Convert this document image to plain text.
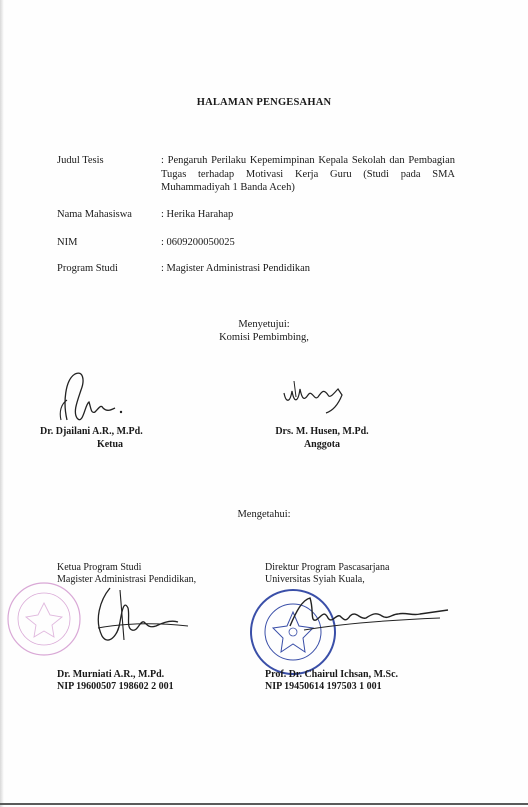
HALAMAN PENGESAHAN
Judul Tesis	: Pengaruh Perilaku Kepemimpinan Kepala Sekolah dan Pembagian Tugas terhadap Motivasi Kerja Guru (Studi pada SMA Muhammadiyah 1 Banda Aceh)
Nama Mahasiswa	: Herika Harahap
NIM	: 0609200050025
Program Studi	: Magister Administrasi Pendidikan
Menyetujui:
Komisi Pembimbing,
Dr. Djailani A.R., M.Pd.
Ketua
Drs. M. Husen, M.Pd.
Anggota
Mengetahui:
Ketua Program Studi
Magister Administrasi Pendidikan,
Dr. Murniati A.R., M.Pd.
NIP 19600507 198602 2 001
Direktur Program Pascasarjana
Universitas Syiah Kuala,
Prof. Dr. Chairul Ichsan, M.Sc.
NIP 19450614 197503 1 001
